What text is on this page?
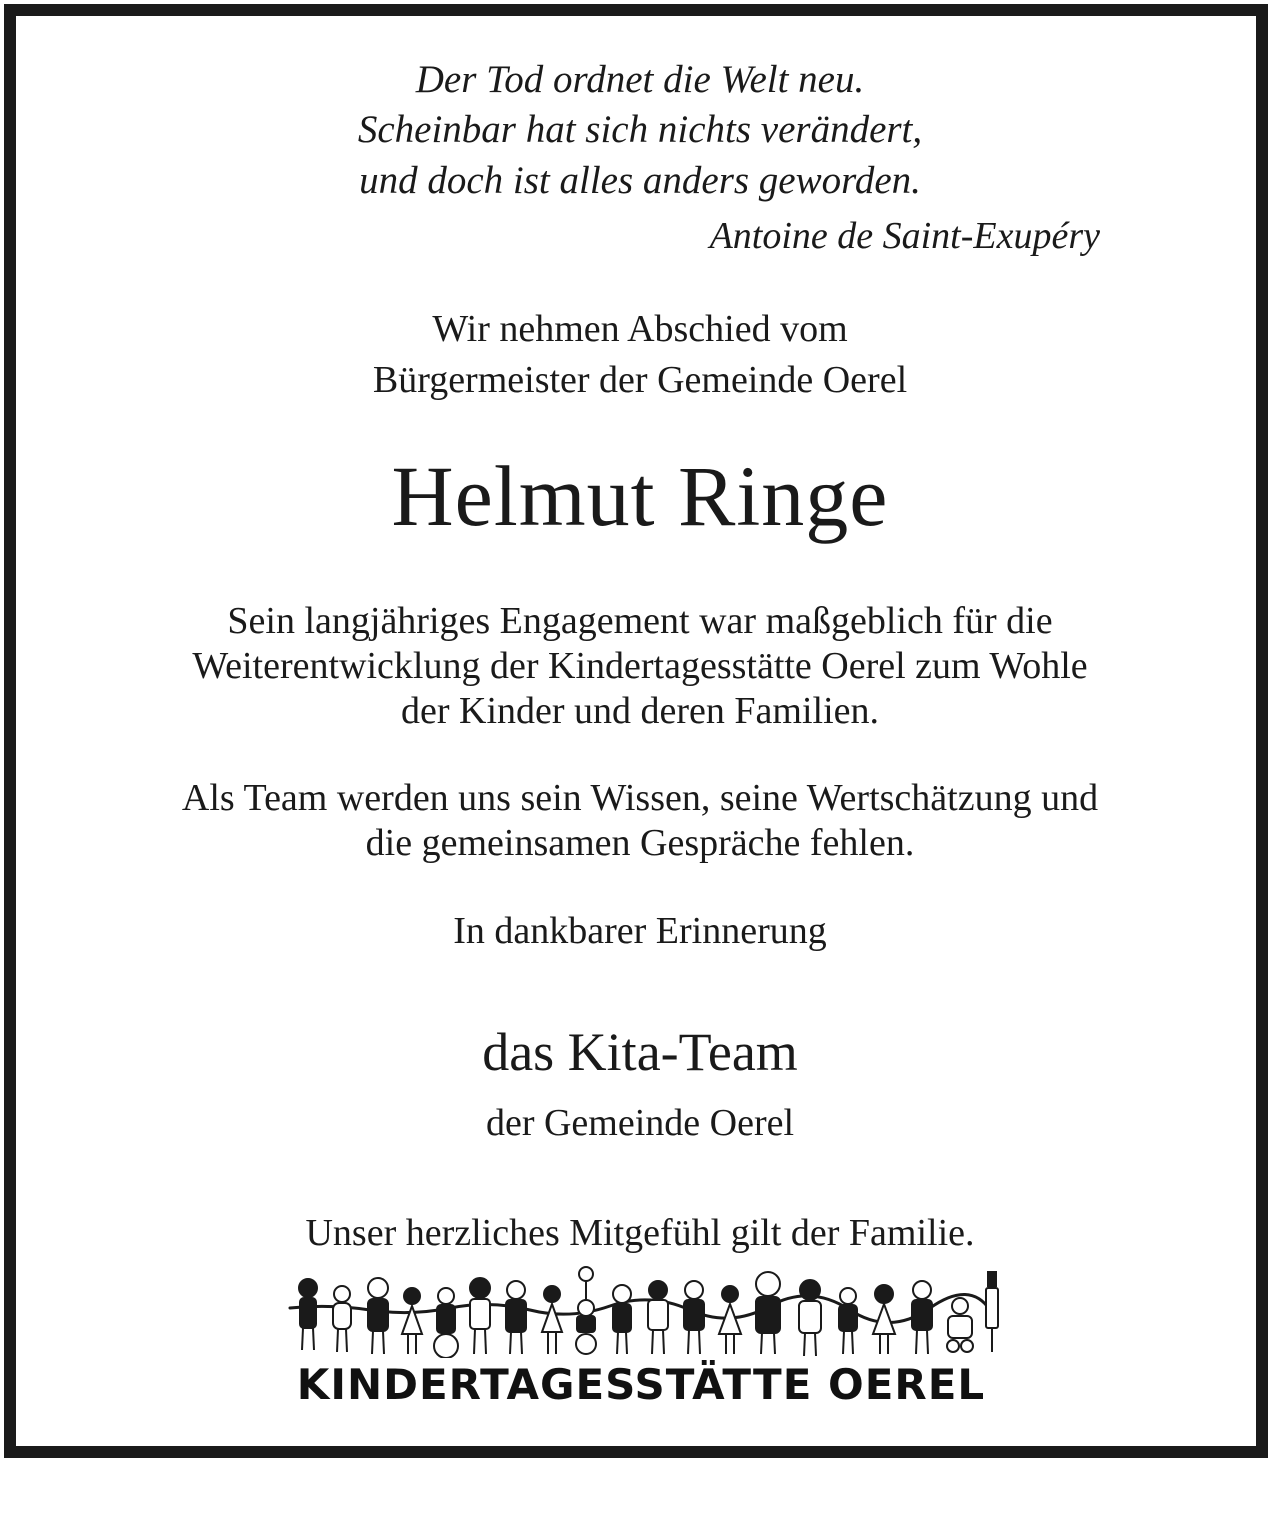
Der Tod ordnet die Welt neu.
Scheinbar hat sich nichts verändert,
und doch ist alles anders geworden.
Antoine de Saint-Exupéry
Wir nehmen Abschied vom
Bürgermeister der Gemeinde Oerel
Helmut Ringe
Sein langjähriges Engagement war maßgeblich für die
Weiterentwicklung der Kindertagesstätte Oerel zum Wohle
der Kinder und deren Familien.
Als Team werden uns sein Wissen, seine Wertschätzung und
die gemeinsamen Gespräche fehlen.
In dankbarer Erinnerung
das Kita-Team
der Gemeinde Oerel
Unser herzliches Mitgefühl gilt der Familie.
KINDERTAGESSTÄTTE OEREL
